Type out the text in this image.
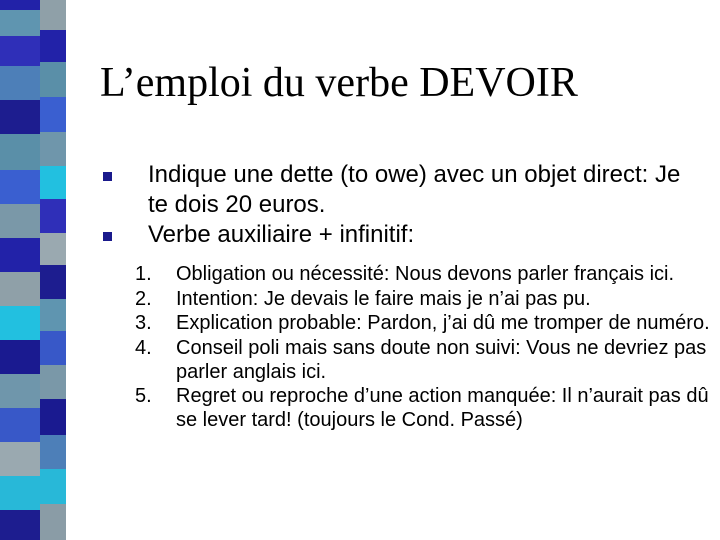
L’emploi du verbe DEVOIR
Indique une dette (to owe) avec un objet direct: Je te dois 20 euros.
Verbe auxiliaire + infinitif:
1. Obligation ou nécessité: Nous devons parler français ici.
2. Intention: Je devais le faire mais je n’ai pas pu.
3. Explication probable: Pardon, j’ai dû me tromper de numéro.
4. Conseil poli mais sans doute non suivi: Vous ne devriez pas parler anglais ici.
5. Regret ou reproche d’une action manquée: Il n’aurait pas dû se lever tard! (toujours le Cond. Passé)
